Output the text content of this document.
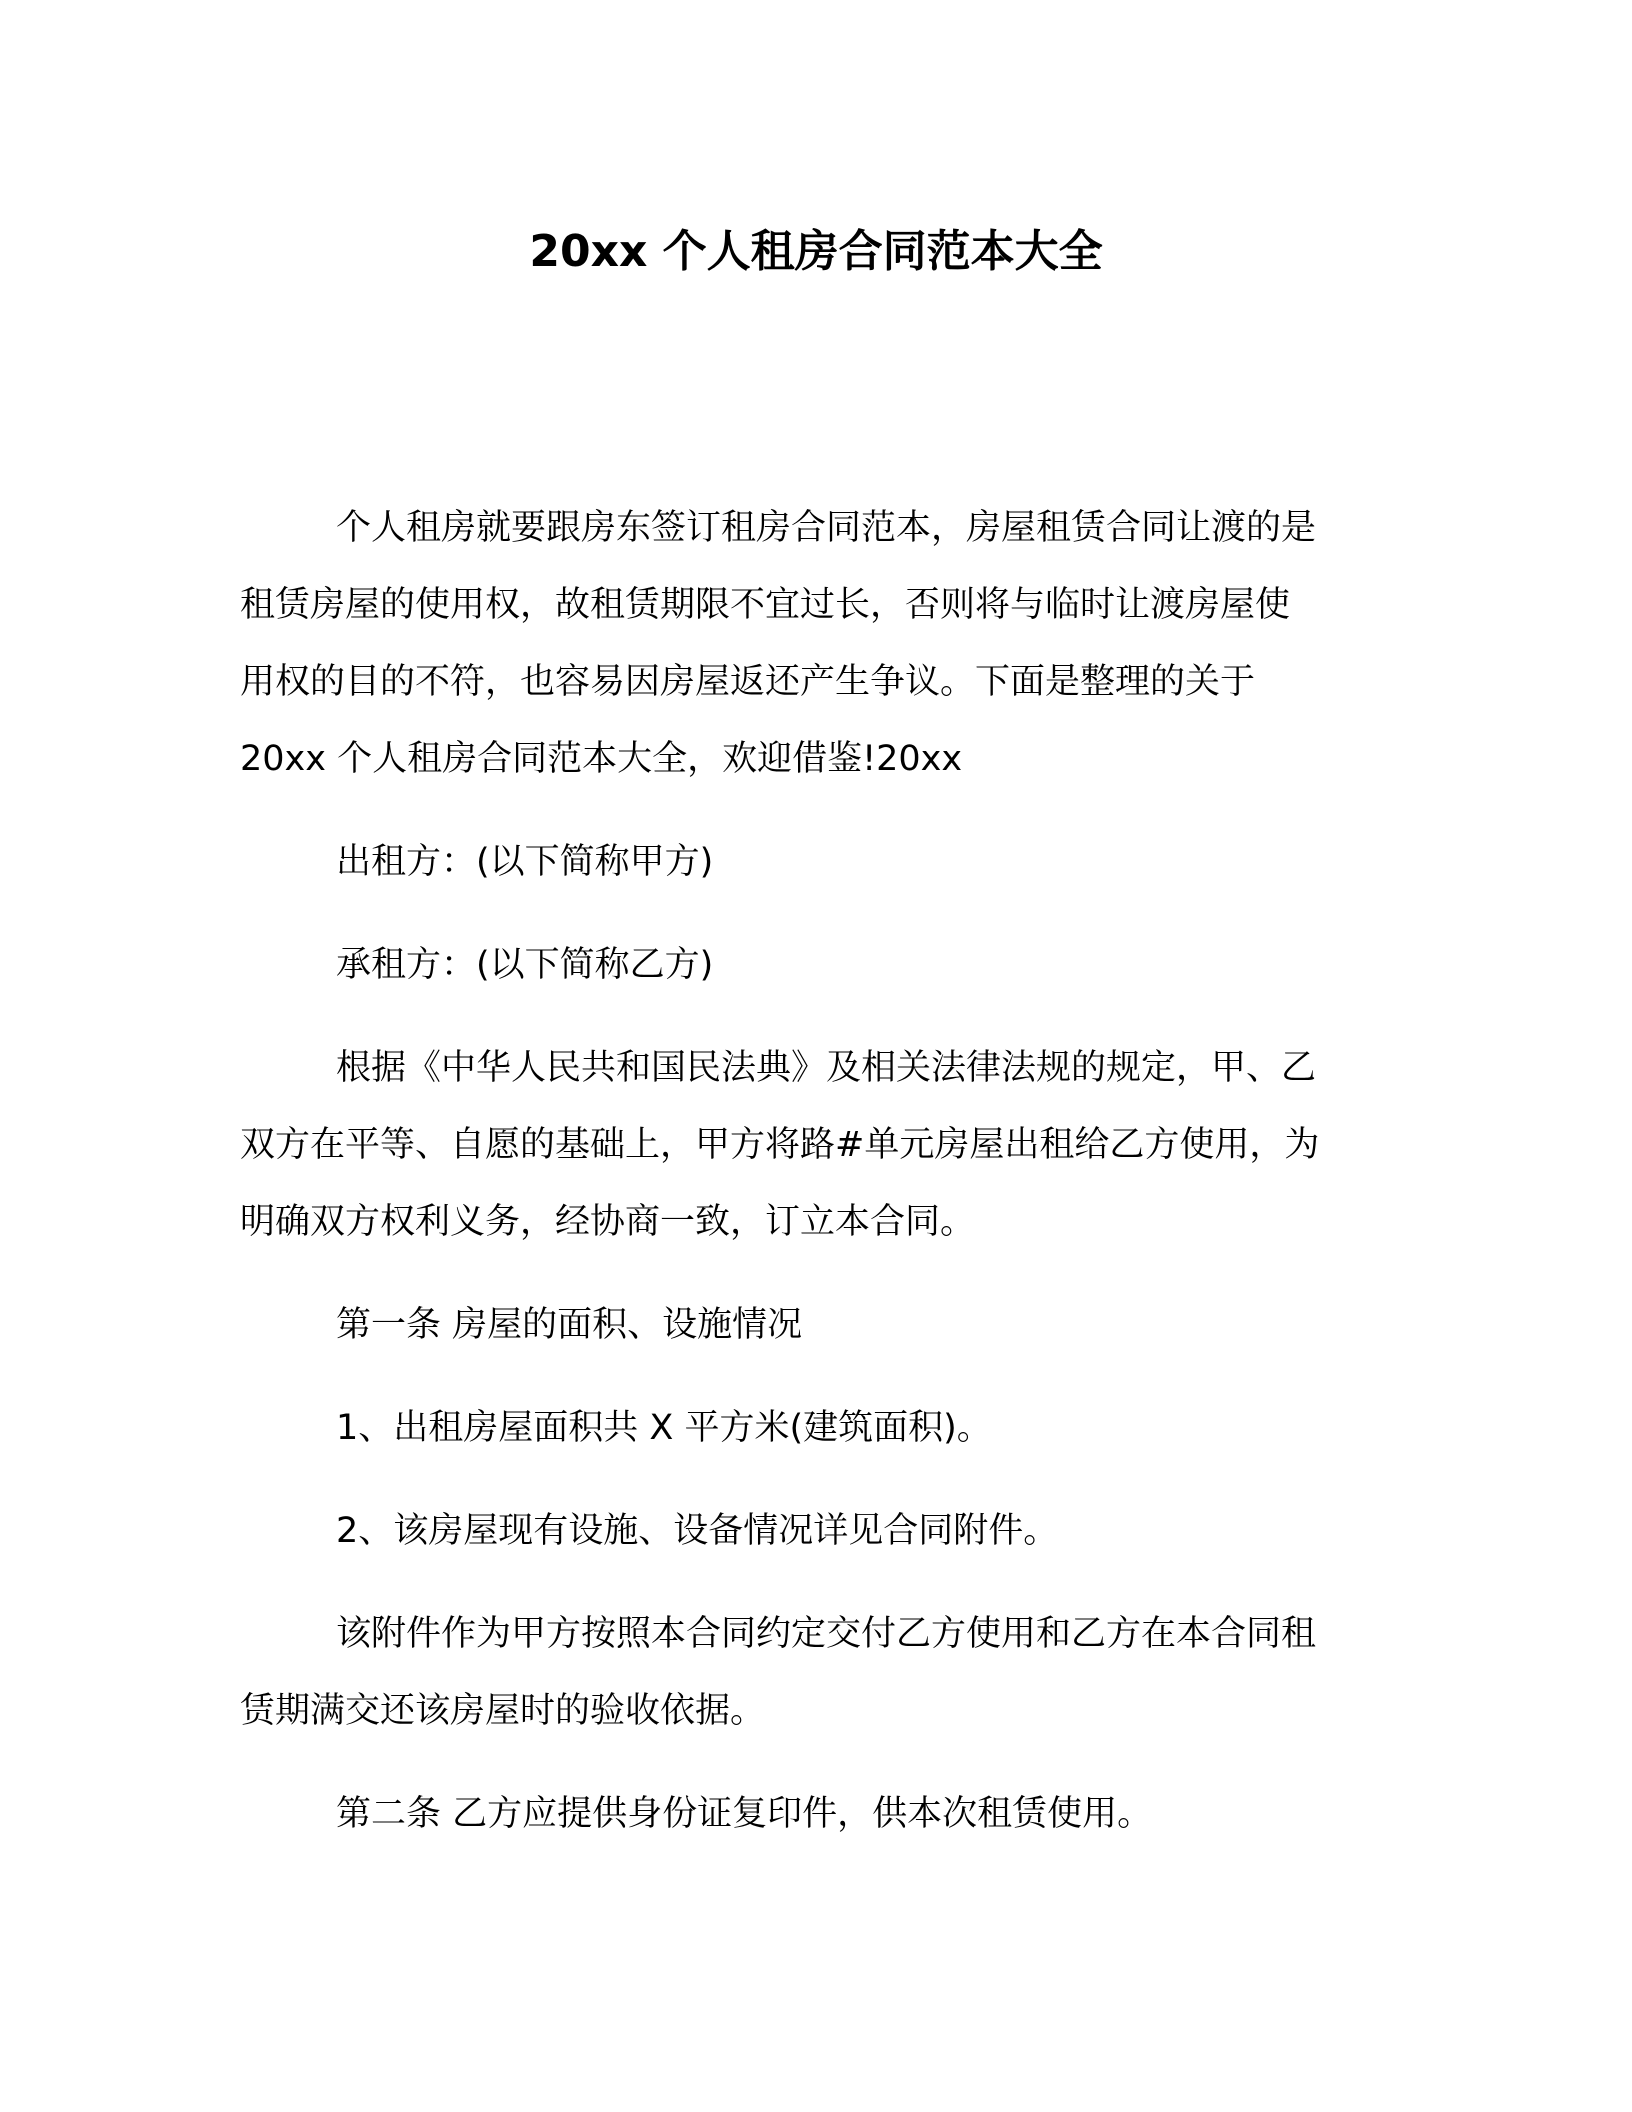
20xx 个人租房合同范本大全
个人租房就要跟房东签订租房合同范本，房屋租赁合同让渡的是
租赁房屋的使用权，故租赁期限不宜过长，否则将与临时让渡房屋使
用权的目的不符，也容易因房屋返还产生争议。下面是整理的关于
20xx 个人租房合同范本大全，欢迎借鉴!20xx
出租方：(以下简称甲方)
承租方：(以下简称乙方)
根据《中华人民共和国民法典》及相关法律法规的规定，甲、乙
双方在平等、自愿的基础上，甲方将路#单元房屋出租给乙方使用，为
明确双方权利义务，经协商一致，订立本合同。
第一条 房屋的面积、设施情况
1、出租房屋面积共 X 平方米(建筑面积)。
2、该房屋现有设施、设备情况详见合同附件。
该附件作为甲方按照本合同约定交付乙方使用和乙方在本合同租
赁期满交还该房屋时的验收依据。
第二条 乙方应提供身份证复印件，供本次租赁使用。
